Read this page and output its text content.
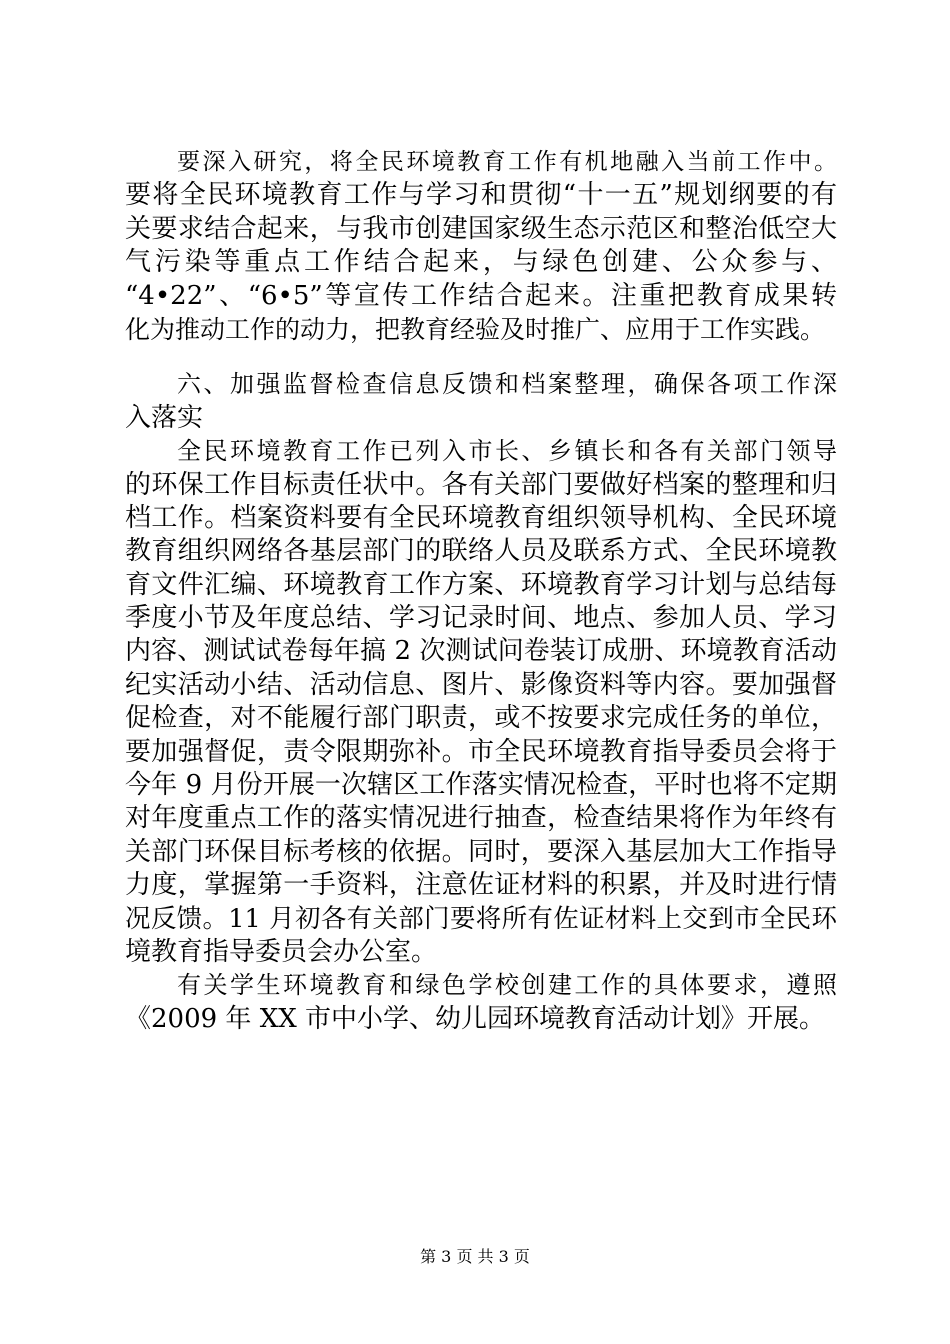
要深入研究，将全民环境教育工作有机地融入当前工作中。
要将全民环境教育工作与学习和贯彻“十一五”规划纲要的有
关要求结合起来，与我市创建国家级生态示范区和整治低空大
气污染等重点工作结合起来，与绿色创建、公众参与、
“4•22”、“6•5”等宣传工作结合起来。注重把教育成果转
化为推动工作的动力，把教育经验及时推广、应用于工作实践。
六、加强监督检查信息反馈和档案整理，确保各项工作深
入落实
全民环境教育工作已列入市长、乡镇长和各有关部门领导
的环保工作目标责任状中。各有关部门要做好档案的整理和归
档工作。档案资料要有全民环境教育组织领导机构、全民环境
教育组织网络各基层部门的联络人员及联系方式、全民环境教
育文件汇编、环境教育工作方案、环境教育学习计划与总结每
季度小节及年度总结、学习记录时间、地点、参加人员、学习
内容、测试试卷每年搞 2 次测试问卷装订成册、环境教育活动
纪实活动小结、活动信息、图片、影像资料等内容。要加强督
促检查，对不能履行部门职责，或不按要求完成任务的单位，
要加强督促，责令限期弥补。市全民环境教育指导委员会将于
今年 9 月份开展一次辖区工作落实情况检查，平时也将不定期
对年度重点工作的落实情况进行抽查，检查结果将作为年终有
关部门环保目标考核的依据。同时，要深入基层加大工作指导
力度，掌握第一手资料，注意佐证材料的积累，并及时进行情
况反馈。11 月初各有关部门要将所有佐证材料上交到市全民环
境教育指导委员会办公室。
有关学生环境教育和绿色学校创建工作的具体要求，遵照
《2009 年 XX 市中小学、幼儿园环境教育活动计划》开展。
第 3 页 共 3 页
